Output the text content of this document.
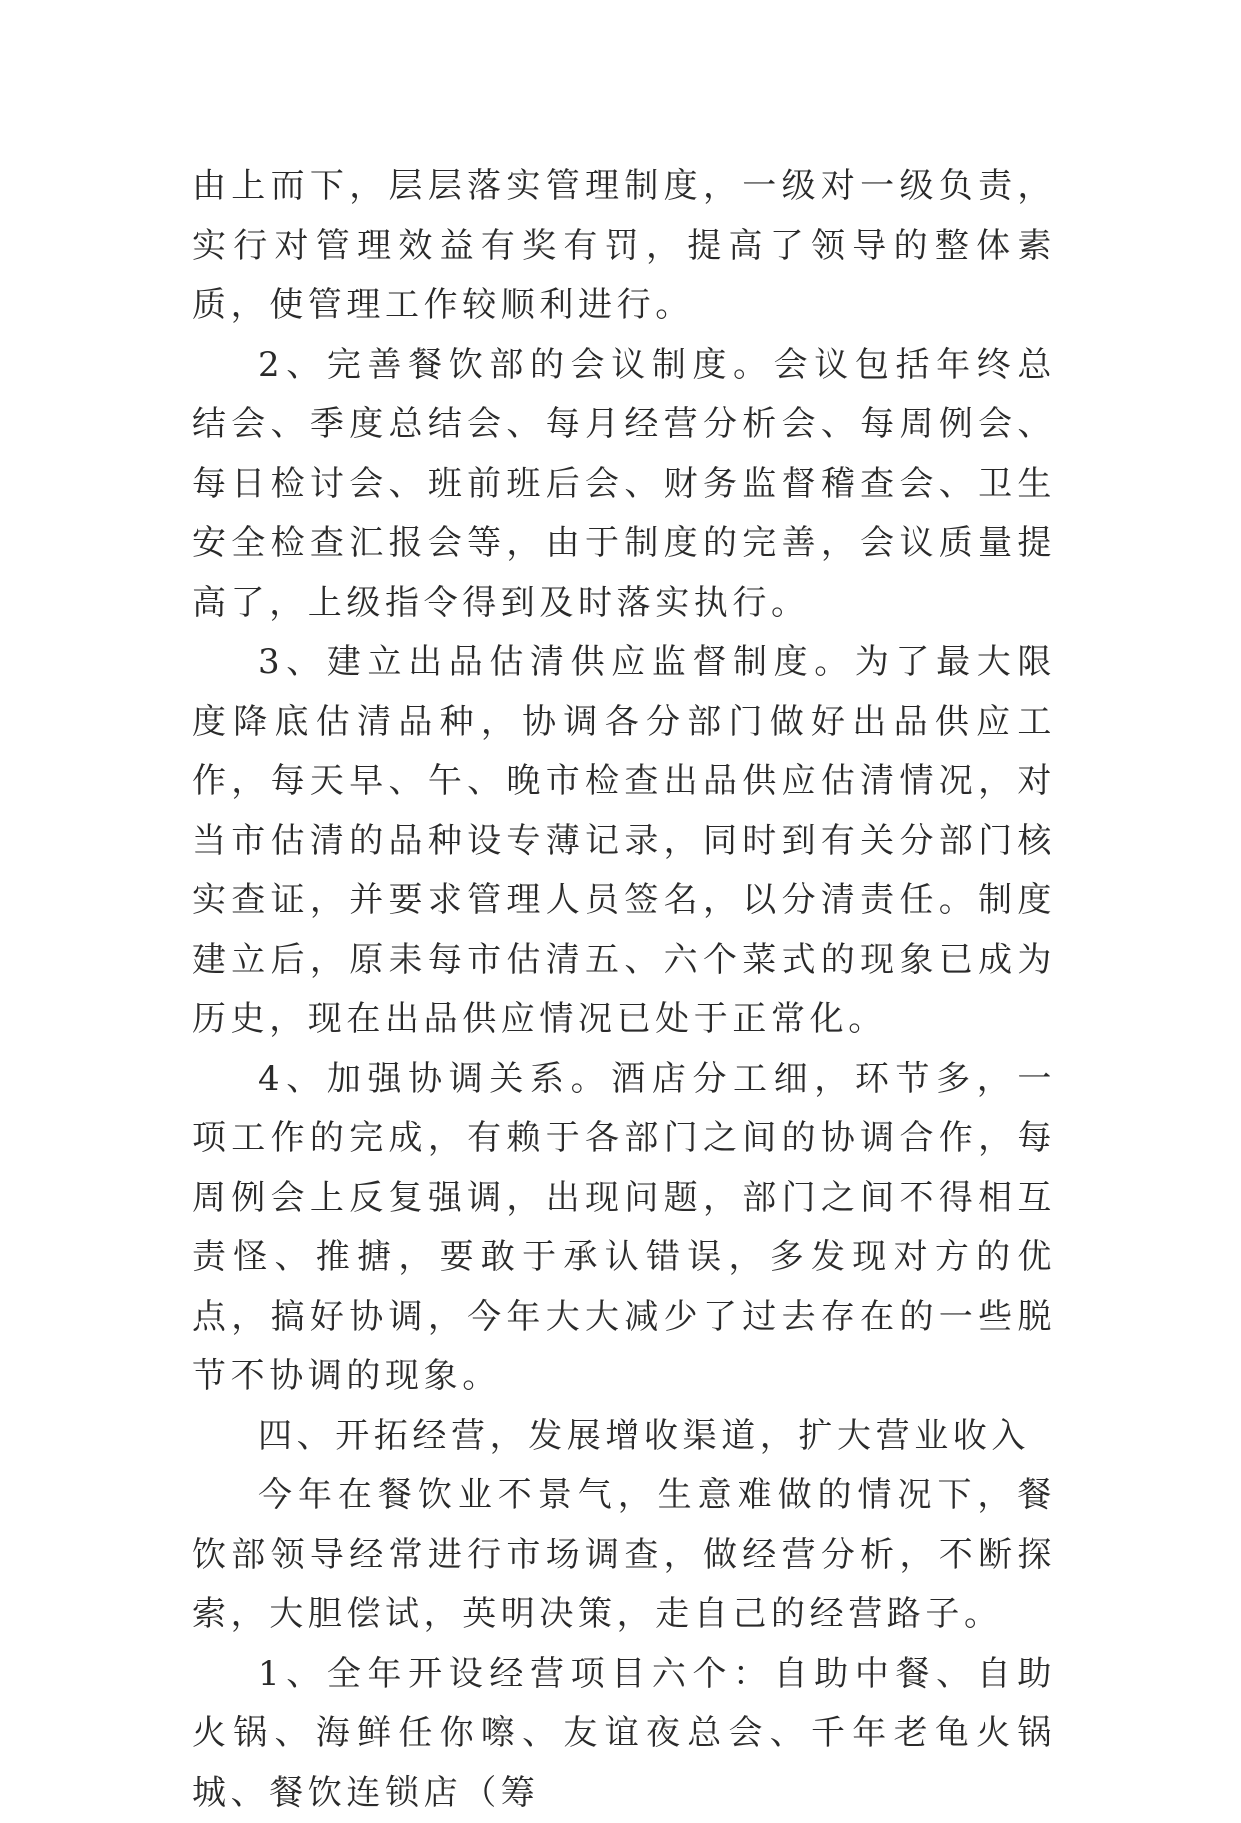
由上而下，层层落实管理制度，一级对一级负责，实行对管理效益有奖有罚，提高了领导的整体素质，使管理工作较顺利进行。

2、完善餐饮部的会议制度。会议包括年终总结会、季度总结会、每月经营分析会、每周例会、每日检讨会、班前班后会、财务监督稽查会、卫生安全检查汇报会等，由于制度的完善，会议质量提高了，上级指令得到及时落实执行。

3、建立出品估清供应监督制度。为了最大限度降底估清品种，协调各分部门做好出品供应工作，每天早、午、晚市检查出品供应估清情况，对当市估清的品种设专薄记录，同时到有关分部门核实查证，并要求管理人员签名，以分清责任。制度建立后，原耒每市估清五、六个菜式的现象已成为历史，现在出品供应情况已处于正常化。

4、加强协调关系。酒店分工细，环节多，一项工作的完成，有赖于各部门之间的协调合作，每周例会上反复强调，出现问题，部门之间不得相互责怪、推搪，要敢于承认错误，多发现对方的优点，搞好协调，今年大大减少了过去存在的一些脱节不协调的现象。

四、开拓经营，发展增收渠道，扩大营业收入

今年在餐饮业不景气，生意难做的情况下，餐饮部领导经常进行市场调查，做经营分析，不断探索，大胆偿试，英明决策，走自己的经营路子。

1、全年开设经营项目六个：自助中餐、自助火锅、海鲜任你嚓、友谊夜总会、千年老龟火锅城、餐饮连锁店（筹
